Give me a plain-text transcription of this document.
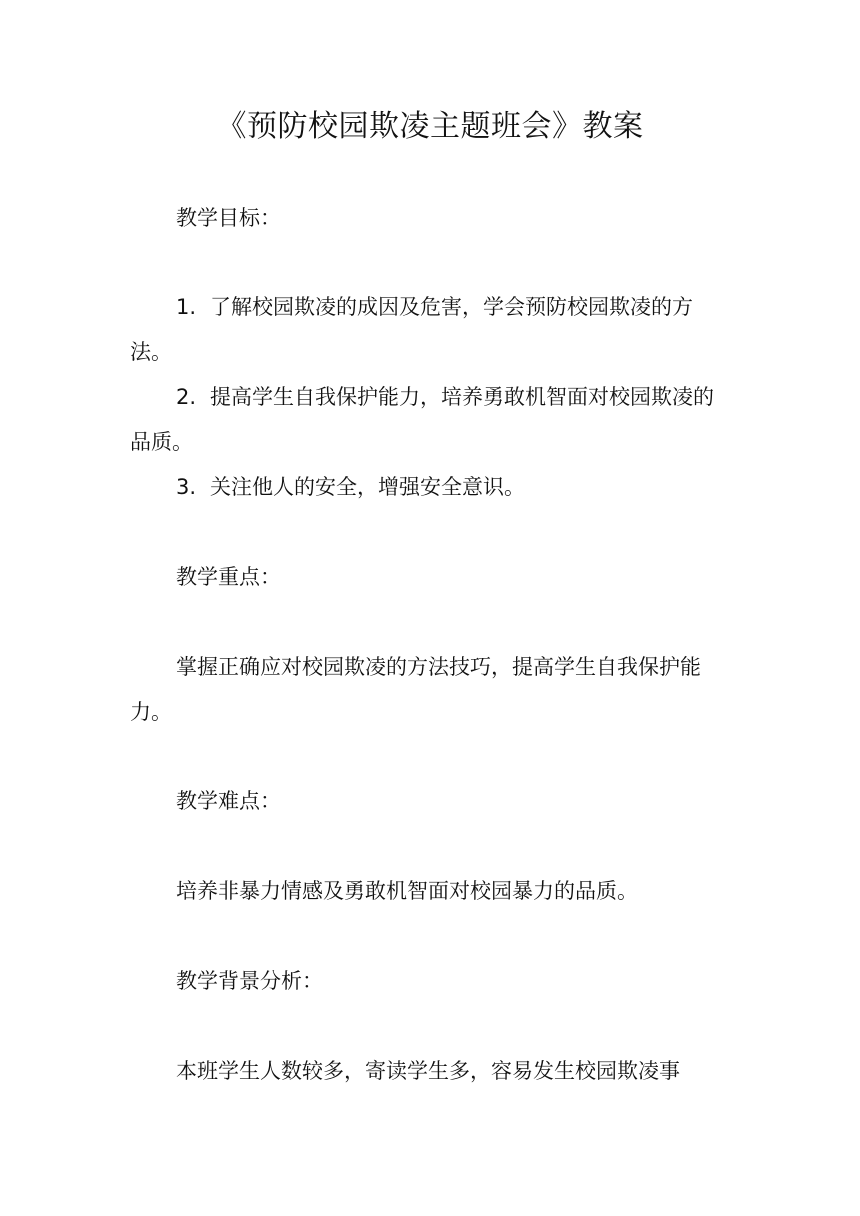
《预防校园欺凌主题班会》教案
教学目标：
1. 了解校园欺凌的成因及危害，学会预防校园欺凌的方法。
2. 提高学生自我保护能力，培养勇敢机智面对校园欺凌的品质。
3. 关注他人的安全，增强安全意识。
教学重点：
掌握正确应对校园欺凌的方法技巧，提高学生自我保护能力。
教学难点：
培养非暴力情感及勇敢机智面对校园暴力的品质。
教学背景分析：
本班学生人数较多，寄读学生多，容易发生校园欺凌事
